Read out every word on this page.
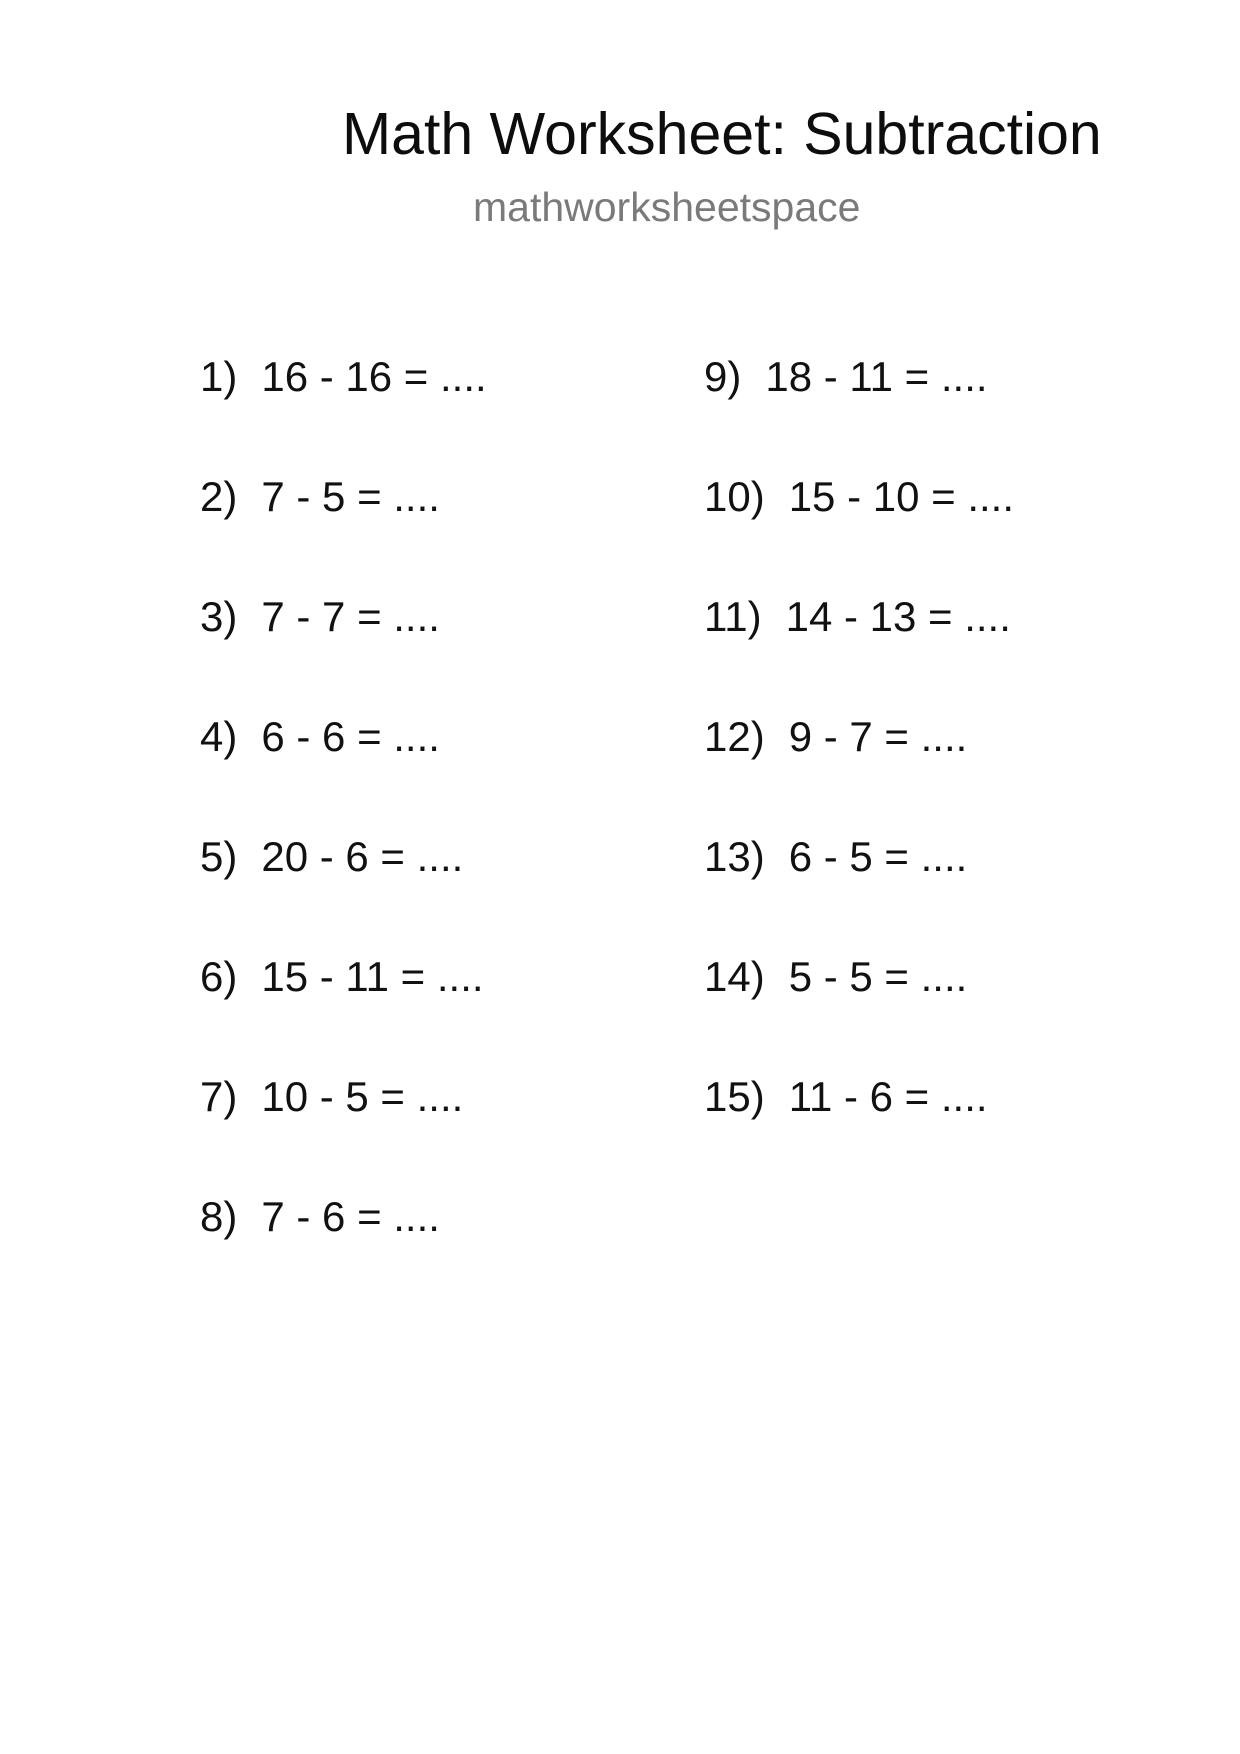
Math Worksheet: Subtraction
mathworksheetspace
1) 16 - 16 = ....
2) 7 - 5 = ....
3) 7 - 7 = ....
4) 6 - 6 = ....
5) 20 - 6 = ....
6) 15 - 11 = ....
7) 10 - 5 = ....
8) 7 - 6 = ....
9) 18 - 11 = ....
10) 15 - 10 = ....
11) 14 - 13 = ....
12) 9 - 7 = ....
13) 6 - 5 = ....
14) 5 - 5 = ....
15) 11 - 6 = ....
